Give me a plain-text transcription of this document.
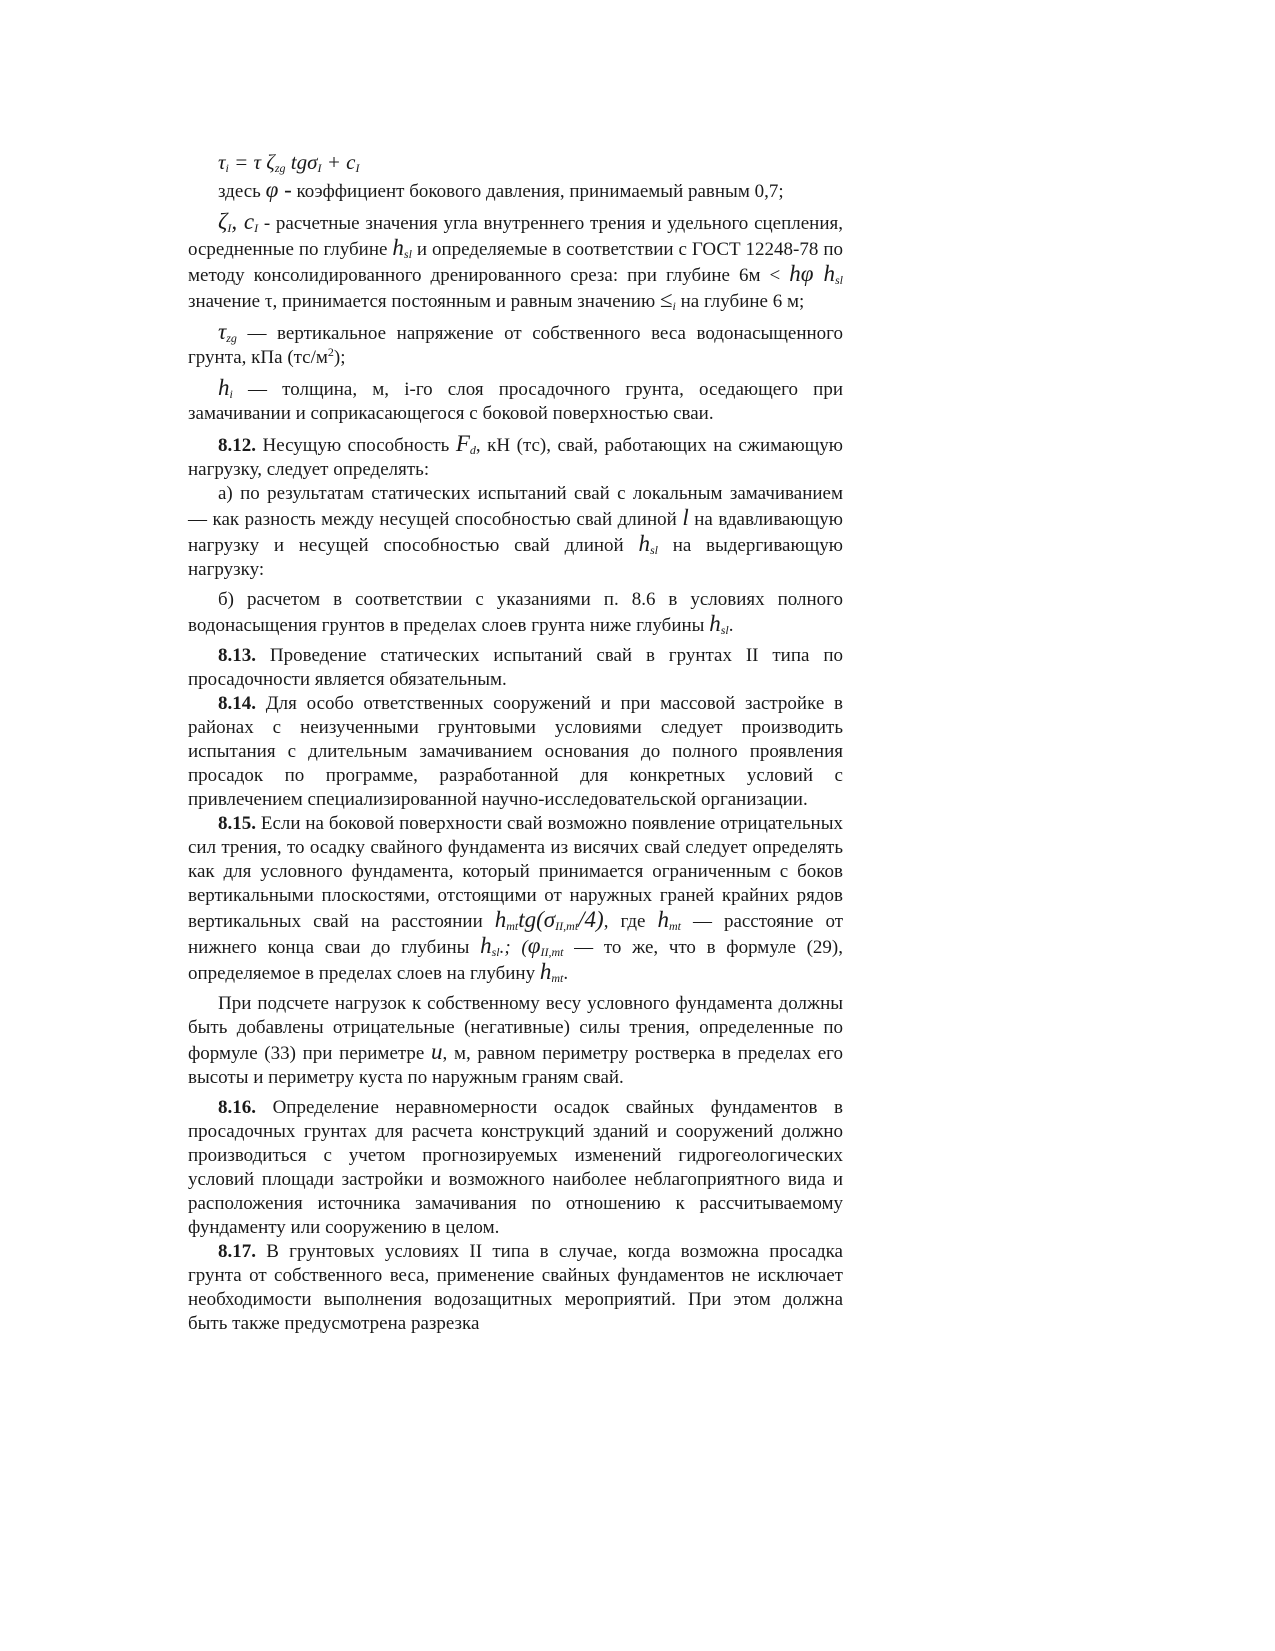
$\tau_i = \tau$ $\zeta_{zg}$ $tg\sigma_I + c_I$

здесь φ - коэффициент бокового давления, принимаемый равным 0,7;

$\zeta_I$, $c_I$ - расчетные значения угла внутреннего трения и удельного сцепления, осредненные по глубине $h_{sl}$ и определяемые в соответствии с ГОСТ 12248-78 по методу консолидированного дренированного среза: при глубине 6м < hφ $h_{sl}$ значение τ, принимается постоянным и равным значению $\le_i$ на глубине 6 м;

$\tau_{zg}$ — вертикальное напряжение от собственного веса водонасыщенного грунта, кПа $(тс/м^2)$;

$h_i$ — толщина, м, i-го слоя просадочного грунта, оседающего при замачивании и соприкасающегося с боковой поверхностью сваи.

8.12. Несущую способность $F_d$, кН (тс), свай, работающих на сжимающую нагрузку, следует определять:

а) по результатам статических испытаний свай с локальным замачиванием — как разность между несущей способностью свай длиной l на вдавливающую нагрузку и несущей способностью свай длиной $h_{sl}$ на выдергивающую нагрузку:

б) расчетом в соответствии с указаниями п. 8.6 в условиях полного водонасыщения грунтов в пределах слоев грунта ниже глубины $h_{sl}$.

8.13. Проведение статических испытаний свай в грунтах II типа по просадочности является обязательным.

8.14. Для особо ответственных сооружений и при массовой застройке в районах с неизученными грунтовыми условиями следует производить испытания с длительным замачиванием основания до полного проявления просадок по программе, разработанной для конкретных условий с привлечением специализированной научно-исследовательской организации.

8.15. Если на боковой поверхности свай возможно появление отрицательных сил трения, то осадку свайного фундамента из висячих свай следует определять как для условного фундамента, который принимается ограниченным с боков вертикальными плоскостями, отстоящими от наружных граней крайних рядов вертикальных свай на расстоянии $h_{mt}tg(\sigma_{II,mt}/4)$, где $h_{mt}$ — расстояние от нижнего конца сваи до глубины $h_{sl}$.; ($\varphi_{II,mt}$ — то же, что в формуле (29), определяемое в пределах слоев на глубину $h_{mt}$.

При подсчете нагрузок к собственному весу условного фундамента должны быть добавлены отрицательные (негативные) силы трения, определенные по формуле (33) при периметре u, м, равном периметру ростверка в пределах его высоты и периметру куста по наружным граням свай.

8.16. Определение неравномерности осадок свайных фундаментов в просадочных грунтах для расчета конструкций зданий и сооружений должно производиться с учетом прогнозируемых изменений гидрогеологических условий площади застройки и возможного наиболее неблагоприятного вида и расположения источника замачивания по отношению к рассчитываемому фундаменту или сооружению в целом.

8.17. В грунтовых условиях II типа в случае, когда возможна просадка грунта от собственного веса, применение свайных фундаментов не исключает необходимости выполнения водозащитных мероприятий. При этом должна быть также предусмотрена разрезка
